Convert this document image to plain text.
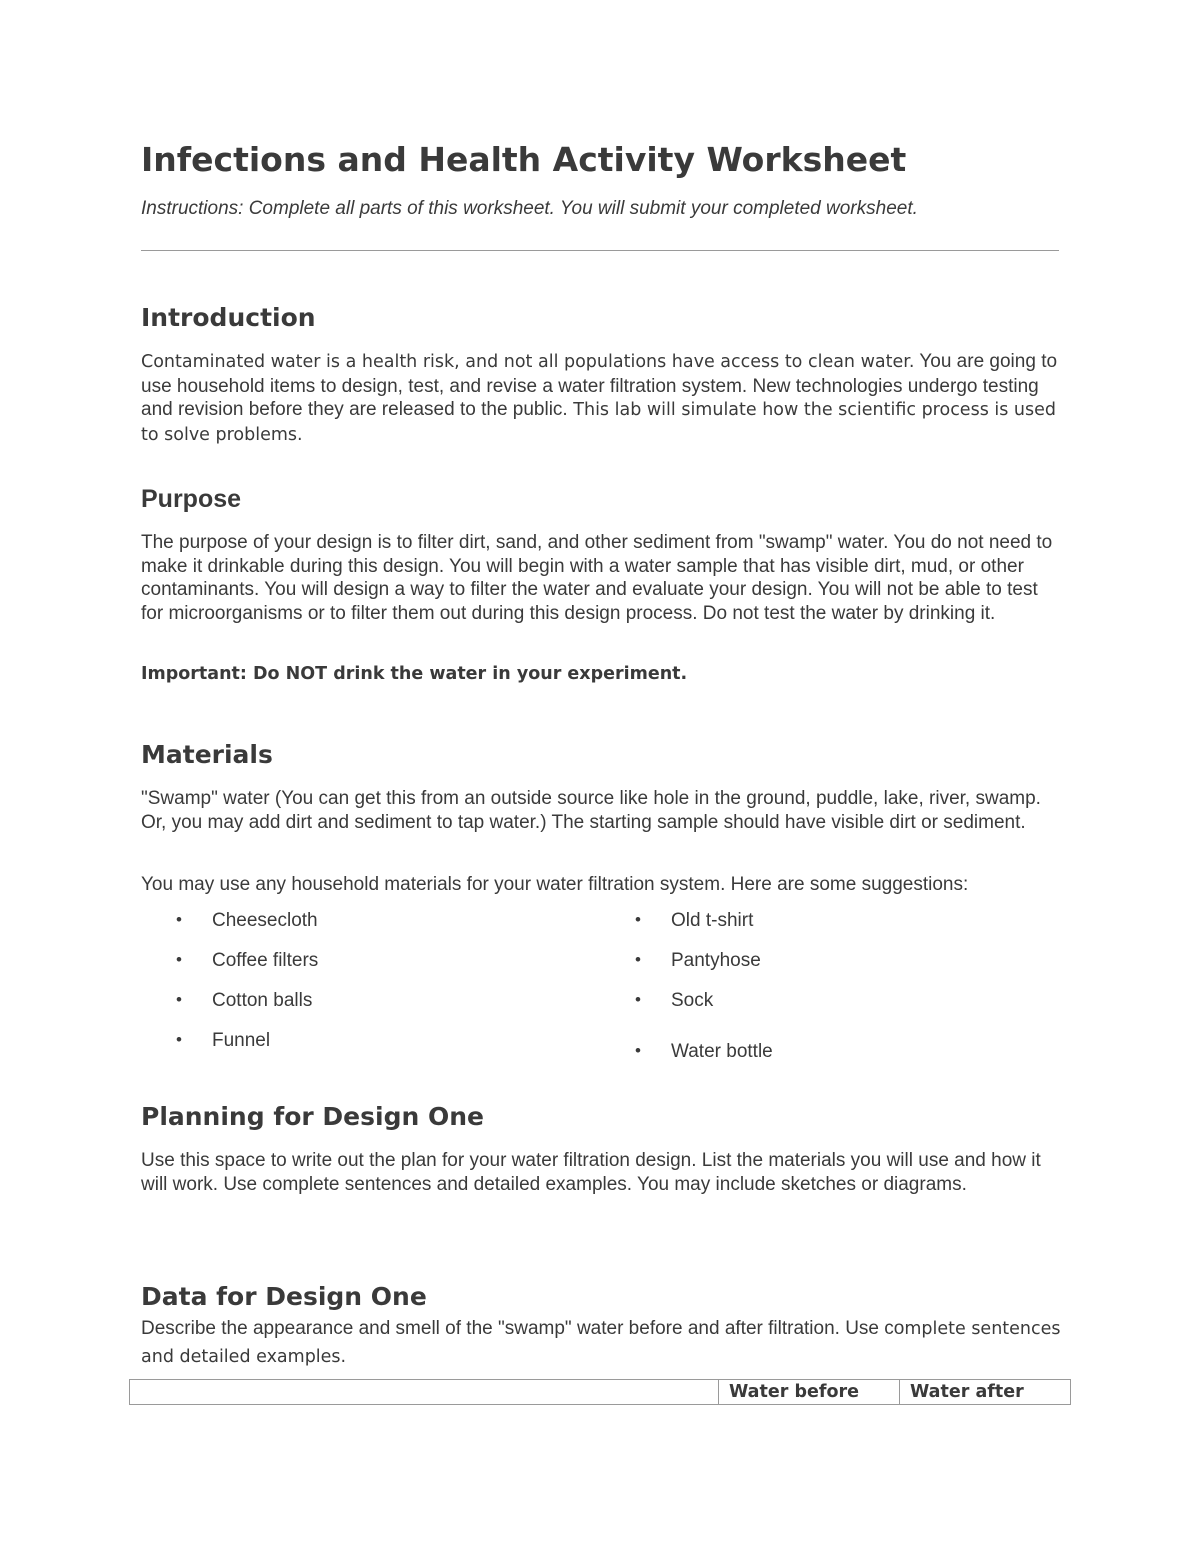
Infections and Health Activity Worksheet

Instructions: Complete all parts of this worksheet. You will submit your completed worksheet.

Introduction

Contaminated water is a health risk, and not all populations have access to clean water. You are going to use household items to design, test, and revise a water filtration system. New technologies undergo testing and revision before they are released to the public. This lab will simulate how the scientific process is used to solve problems.

Purpose

The purpose of your design is to filter dirt, sand, and other sediment from "swamp" water. You do not need to make it drinkable during this design. You will begin with a water sample that has visible dirt, mud, or other contaminants. You will design a way to filter the water and evaluate your design. You will not be able to test for microorganisms or to filter them out during this design process. Do not test the water by drinking it.

Important: Do NOT drink the water in your experiment.

Materials

"Swamp" water (You can get this from an outside source like hole in the ground, puddle, lake, river, swamp. Or, you may add dirt and sediment to tap water.) The starting sample should have visible dirt or sediment.

You may use any household materials for your water filtration system. Here are some suggestions:

• Cheesecloth
• Coffee filters
• Cotton balls
• Funnel
• Old t-shirt
• Pantyhose
• Sock
• Water bottle
Planning for Design One

Use this space to write out the plan for your water filtration design. List the materials you will use and how it will work. Use complete sentences and detailed examples. You may include sketches or diagrams.

Data for Design One

Describe the appearance and smell of the "swamp" water before and after filtration. Use complete sentences and detailed examples.

	Water before	Water after
